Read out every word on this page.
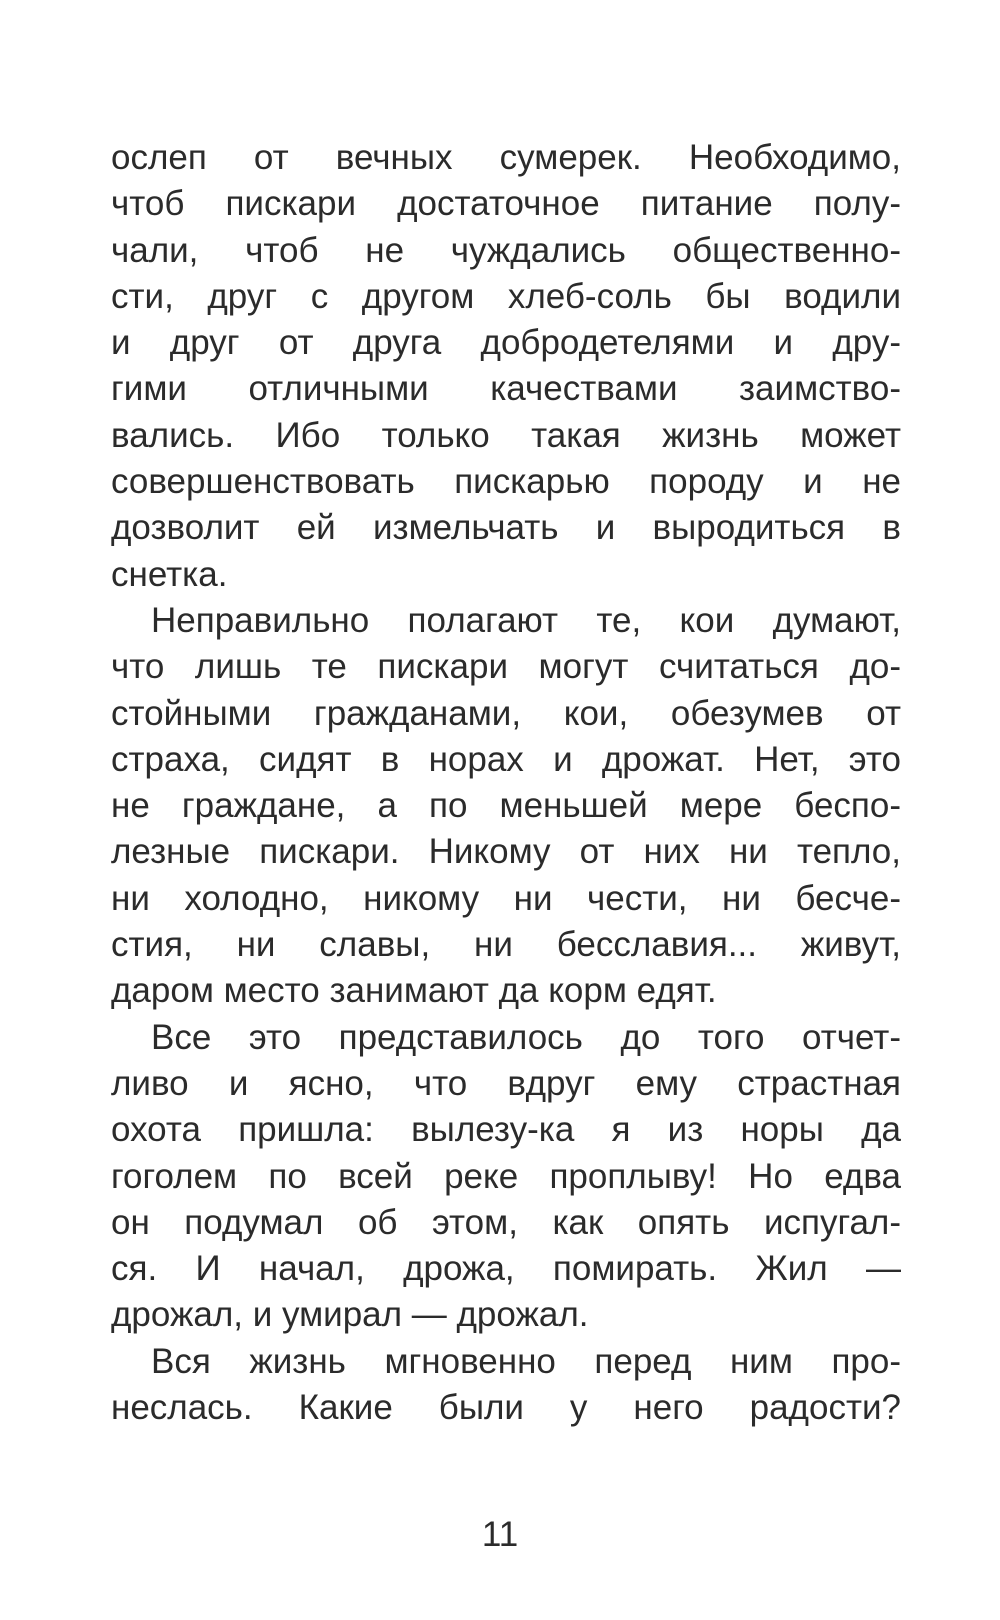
ослеп от вечных сумерек. Необходимо,
чтоб пискари достаточное питание полу-
чали, чтоб не чуждались общественно-
сти, друг с другом хлеб-соль бы водили
и друг от друга добродетелями и дру-
гими отличными качествами заимство-
вались. Ибо только такая жизнь может
совершенствовать пискарью породу и не
дозволит ей измельчать и выродиться в
снетка.
Неправильно полагают те, кои думают,
что лишь те пискари могут считаться до-
стойными гражданами, кои, обезумев от
страха, сидят в норах и дрожат. Нет, это
не граждане, а по меньшей мере беспо-
лезные пискари. Никому от них ни тепло,
ни холодно, никому ни чести, ни бесче-
стия, ни славы, ни бесславия... живут,
даром место занимают да корм едят.
Все это представилось до того отчет-
ливо и ясно, что вдруг ему страстная
охота пришла: вылезу-ка я из норы да
гоголем по всей реке проплыву! Но едва
он подумал об этом, как опять испугал-
ся. И начал, дрожа, помирать. Жил —
дрожал, и умирал — дрожал.
Вся жизнь мгновенно перед ним про-
неслась. Какие были у него радости?
11
